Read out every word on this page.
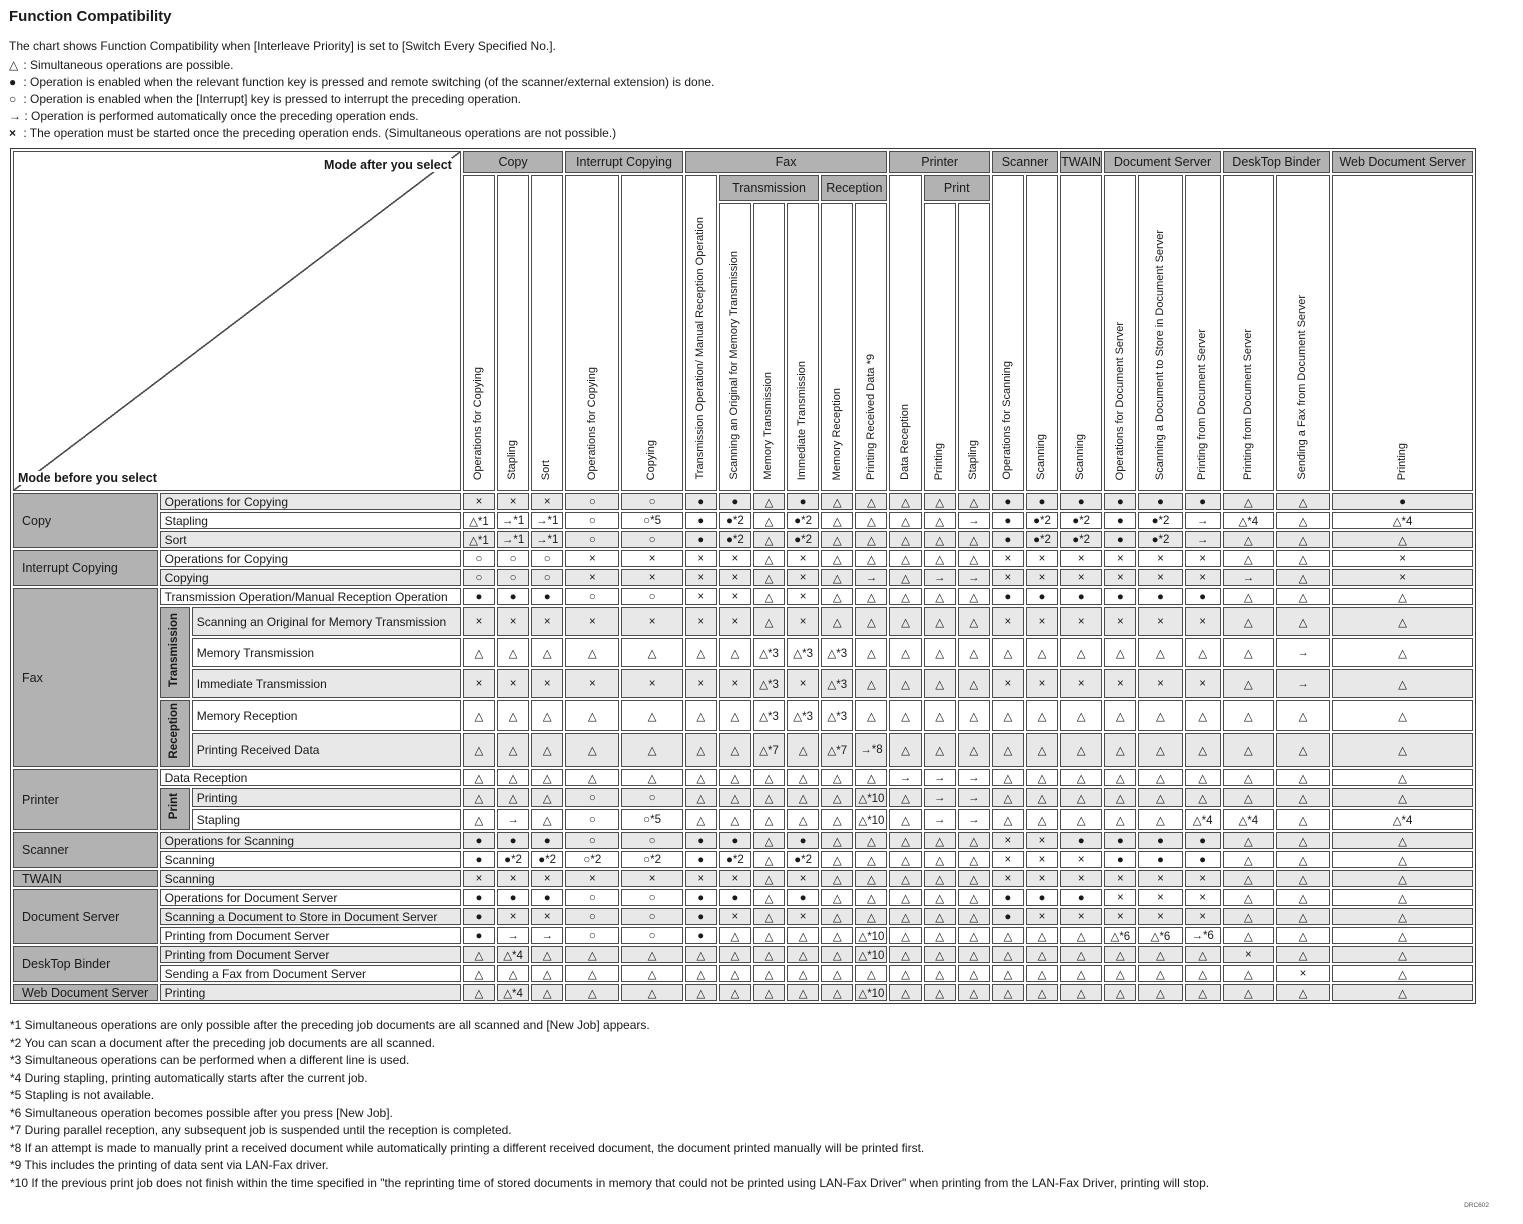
Function Compatibility
The chart shows Function Compatibility when [Interleave Priority] is set to [Switch Every Specified No.].
△ : Simultaneous operations are possible.
● : Operation is enabled when the relevant function key is pressed and remote switching (of the scanner/external extension) is done.
○ : Operation is enabled when the [Interrupt] key is pressed to interrupt the preceding operation.
→ : Operation is performed automatically once the preceding operation ends.
× : The operation must be started once the preceding operation ends. (Simultaneous operations are not possible.)
Mode after you select
Mode before you select			Copy			Interrupt Copying		Fax						Printer			Scanner		TWAIN	Document Server			DeskTop Binder		Web Document Server
			Operations for Copying	Stapling	Sort	Operations for Copying	Copying	Transmission Operation/ Manual Reception Operation	Transmission			Reception		Data Reception	Print		Operations for Scanning	Scanning	Scanning	Operations for Document Server	Scanning a Document to Store in Document Server	Printing from Document Server	Printing from Document Server	Sending a Fax from Document Server	Printing
									Scanning an Original for Memory Transmission	Memory Transmission	Immediate Transmission	Memory Reception	Printing Received Data *9		Printing	Stapling									
Copy	Operations for Copying		×	×	×	○	○	●	●	△	●	△	△	△	△	△	●	●	●	●	●	●	△	△	●
	Stapling		△*1	→*1	→*1	○	○*5	●	●*2	△	●*2	△	△	△	△	→	●	●*2	●*2	●	●*2	→	△*4	△	△*4
	Sort		△*1	→*1	→*1	○	○	●	●*2	△	●*2	△	△	△	△	△	●	●*2	●*2	●	●*2	→	△	△	△
Interrupt Copying	Operations for Copying		○	○	○	×	×	×	×	△	×	△	△	△	△	△	×	×	×	×	×	×	△	△	×
	Copying		○	○	○	×	×	×	×	△	×	△	→	△	→	→	×	×	×	×	×	×	→	△	×
Fax	Transmission Operation/Manual Reception Operation		●	●	●	○	○	×	×	△	×	△	△	△	△	△	●	●	●	●	●	●	△	△	△
	Transmission	Scanning an Original for Memory Transmission	×	×	×	×	×	×	×	△	×	△	△	△	△	△	×	×	×	×	×	×	△	△	△
		Memory Transmission	△	△	△	△	△	△	△	△*3	△*3	△*3	△	△	△	△	△	△	△	△	△	△	△	→	△
		Immediate Transmission	×	×	×	×	×	×	×	△*3	×	△*3	△	△	△	△	×	×	×	×	×	×	△	→	△
	Reception	Memory Reception	△	△	△	△	△	△	△	△*3	△*3	△*3	△	△	△	△	△	△	△	△	△	△	△	△	△
		Printing Received Data	△	△	△	△	△	△	△	△*7	△	△*7	→*8	△	△	△	△	△	△	△	△	△	△	△	△
Printer	Data Reception		△	△	△	△	△	△	△	△	△	△	△	→	→	→	△	△	△	△	△	△	△	△	△
	Print	Printing	△	△	△	○	○	△	△	△	△	△	△*10	△	→	→	△	△	△	△	△	△	△	△	△
		Stapling	△	→	△	○	○*5	△	△	△	△	△	△*10	△	→	→	△	△	△	△	△	△*4	△*4	△	△*4
Scanner	Operations for Scanning		●	●	●	○	○	●	●	△	●	△	△	△	△	△	×	×	●	●	●	●	△	△	△
	Scanning		●	●*2	●*2	○*2	○*2	●	●*2	△	●*2	△	△	△	△	△	×	×	×	●	●	●	△	△	△
TWAIN	Scanning		×	×	×	×	×	×	×	△	×	△	△	△	△	△	×	×	×	×	×	×	△	△	△
Document Server	Operations for Document Server		●	●	●	○	○	●	●	△	●	△	△	△	△	△	●	●	●	×	×	×	△	△	△
	Scanning a Document to Store in Document Server		●	×	×	○	○	●	×	△	×	△	△	△	△	△	●	×	×	×	×	×	△	△	△
	Printing from Document Server		●	→	→	○	○	●	△	△	△	△	△*10	△	△	△	△	△	△	△*6	△*6	→*6	△	△	△
DeskTop Binder	Printing from Document Server		△	△*4	△	△	△	△	△	△	△	△	△*10	△	△	△	△	△	△	△	△	△	×	△	△
	Sending a Fax from Document Server		△	△	△	△	△	△	△	△	△	△	△	△	△	△	△	△	△	△	△	△	△	×	△
Web Document Server	Printing		△	△*4	△	△	△	△	△	△	△	△	△*10	△	△	△	△	△	△	△	△	△	△	△	△
*1 Simultaneous operations are only possible after the preceding job documents are all scanned and [New Job] appears.
*2 You can scan a document after the preceding job documents are all scanned.
*3 Simultaneous operations can be performed when a different line is used.
*4 During stapling, printing automatically starts after the current job.
*5 Stapling is not available.
*6 Simultaneous operation becomes possible after you press [New Job].
*7 During parallel reception, any subsequent job is suspended until the reception is completed.
*8 If an attempt is made to manually print a received document while automatically printing a different received document, the document printed manually will be printed first.
*9 This includes the printing of data sent via LAN-Fax driver.
*10 If the previous print job does not finish within the time specified in "the reprinting time of stored documents in memory that could not be printed using LAN-Fax Driver" when printing from the LAN-Fax Driver, printing will stop.
DRC602
